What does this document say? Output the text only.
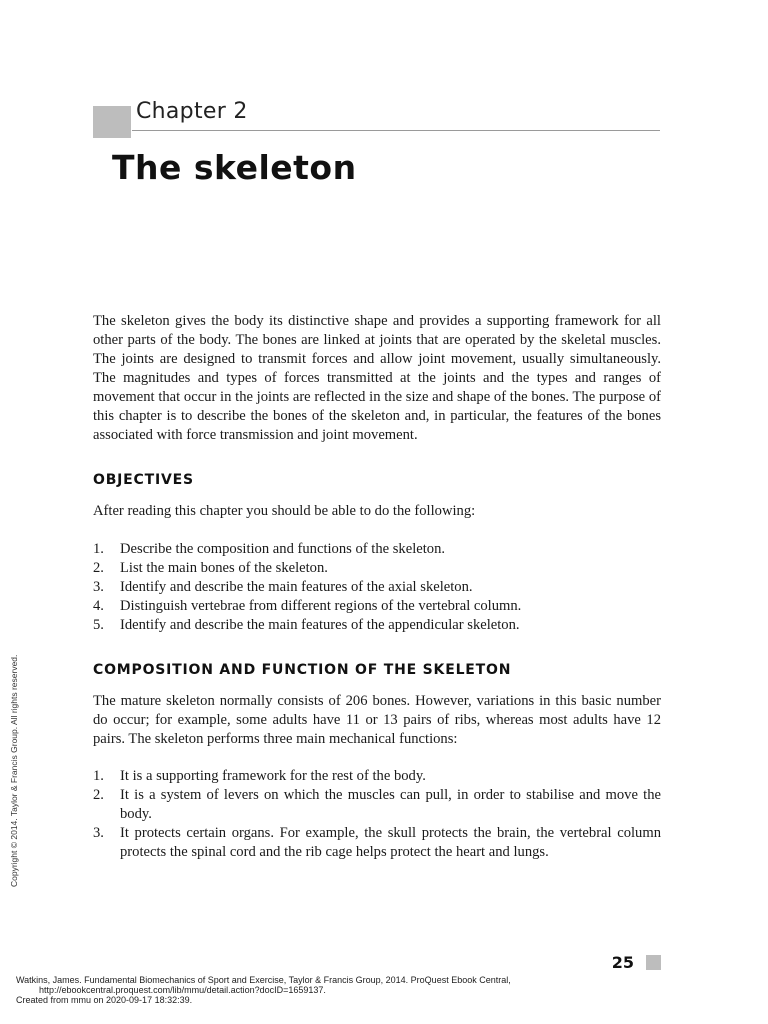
Chapter 2
The skeleton

The skeleton gives the body its distinctive shape and provides a supporting framework for all other parts of the body. The bones are linked at joints that are operated by the skeletal muscles. The joints are designed to transmit forces and allow joint movement, usually simultaneously. The magnitudes and types of forces transmitted at the joints and the types and ranges of movement that occur in the joints are reflected in the size and shape of the bones. The purpose of this chapter is to describe the bones of the skeleton and, in particular, the features of the bones associated with force transmission and joint movement.

OBJECTIVES
After reading this chapter you should be able to do the following:
1. Describe the composition and functions of the skeleton.
2. List the main bones of the skeleton.
3. Identify and describe the main features of the axial skeleton.
4. Distinguish vertebrae from different regions of the vertebral column.
5. Identify and describe the main features of the appendicular skeleton.
COMPOSITION AND FUNCTION OF THE SKELETON

The mature skeleton normally consists of 206 bones. However, variations in this basic number do occur; for example, some adults have 11 or 13 pairs of ribs, whereas most adults have 12 pairs. The skeleton performs three main mechanical functions:

1. It is a supporting framework for the rest of the body.
2. It is a system of levers on which the muscles can pull, in order to stabilise and move the body.
3. It protects certain organs. For example, the skull protects the brain, the vertebral column protects the spinal cord and the rib cage helps protect the heart and lungs.
25
Copyright © 2014. Taylor & Francis Group. All rights reserved.
Watkins, James. Fundamental Biomechanics of Sport and Exercise, Taylor & Francis Group, 2014. ProQuest Ebook Central,
http://ebookcentral.proquest.com/lib/mmu/detail.action?docID=1659137.
Created from mmu on 2020-09-17 18:32:39.
